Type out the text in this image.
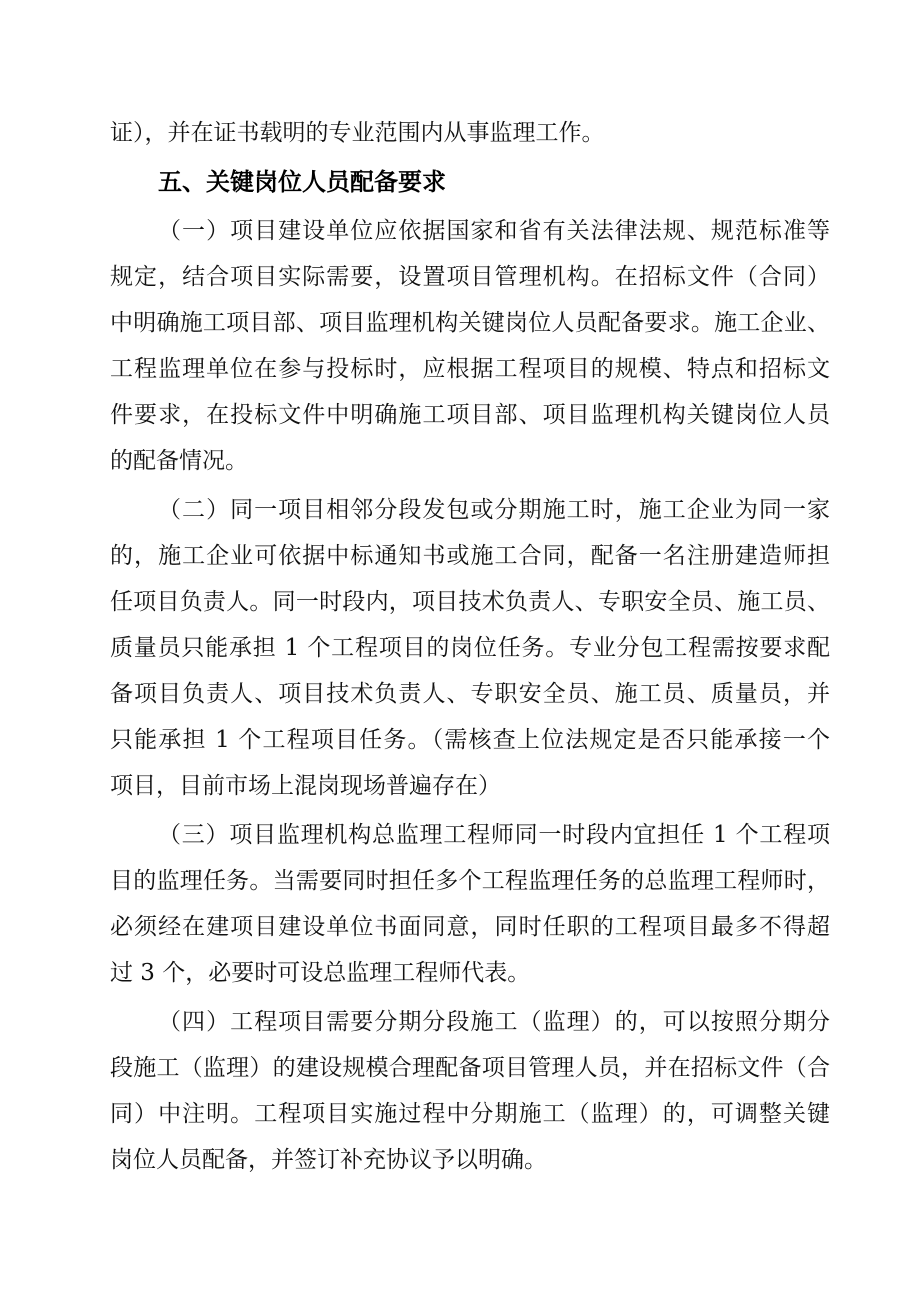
证），并在证书载明的专业范围内从事监理工作。
五、关键岗位人员配备要求
（一）项目建设单位应依据国家和省有关法律法规、规范标准等
规定，结合项目实际需要，设置项目管理机构。在招标文件（合同）
中明确施工项目部、项目监理机构关键岗位人员配备要求。施工企业、
工程监理单位在参与投标时，应根据工程项目的规模、特点和招标文
件要求，在投标文件中明确施工项目部、项目监理机构关键岗位人员
的配备情况。
（二）同一项目相邻分段发包或分期施工时，施工企业为同一家
的，施工企业可依据中标通知书或施工合同，配备一名注册建造师担
任项目负责人。同一时段内，项目技术负责人、专职安全员、施工员、
质量员只能承担 1 个工程项目的岗位任务。专业分包工程需按要求配
备项目负责人、项目技术负责人、专职安全员、施工员、质量员，并
只能承担 1 个工程项目任务。（需核查上位法规定是否只能承接一个
项目，目前市场上混岗现场普遍存在）
（三）项目监理机构总监理工程师同一时段内宜担任 1 个工程项
目的监理任务。当需要同时担任多个工程监理任务的总监理工程师时，
必须经在建项目建设单位书面同意，同时任职的工程项目最多不得超
过 3 个，必要时可设总监理工程师代表。
（四）工程项目需要分期分段施工（监理）的，可以按照分期分
段施工（监理）的建设规模合理配备项目管理人员，并在招标文件（合
同）中注明。工程项目实施过程中分期施工（监理）的，可调整关键
岗位人员配备，并签订补充协议予以明确。
